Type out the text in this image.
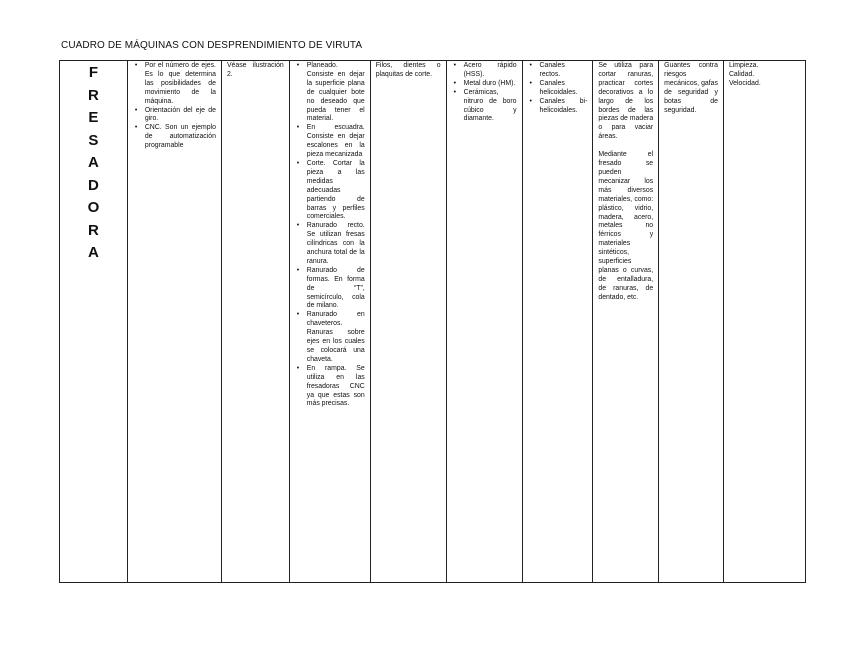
CUADRO DE MÁQUINAS CON DESPRENDIMIENTO DE VIRUTA
F
R
E
S
A
D
O
R
A

• Por el número de ejes. Es lo que determina las posibilidades de movimiento de la máquina.
• Orientación del eje de giro.
• CNC. Son un ejemplo de automatización programable

Véase ilustración 2.

• Planeado. Consiste en dejar la superficie plana de cualquier bote no deseado que pueda tener el material.
• En escuadra. Consiste en dejar escalones en la pieza mecanizada
• Corte. Cortar la pieza a las medidas adecuadas partiendo de barras y perfiles comerciales.
• Ranurado recto. Se utilizan fresas cilíndricas con la anchura total de la ranura.
• Ranurado de formas. En forma de “T”, semicírculo, cola de milano.
• Ranurado en chaveteros. Ranuras sobre ejes en los cuales se colocará una chaveta.
• En rampa. Se utiliza en las fresadoras CNC ya que estas son más precisas.

Filos, dientes o plaquitas de corte.

• Acero rápido (HSS).
• Metal duro (HM).
• Cerámicas, nitruro de boro cúbico y diamante.

• Canales rectos.
• Canales helicoidales.
• Canales bi-helicoidales.

Se utiliza para cortar ranuras, practicar cortes decorativos a lo largo de los bordes de las piezas de madera o para vaciar áreas.

Mediante el fresado se pueden mecanizar los más diversos materiales, como: plástico, vidrio, madera, acero, metales no férricos y materiales sintéticos, superficies planas o curvas, de entalladura, de ranuras, de dentado, etc.

Guantes contra riesgos mecánicos, gafas de seguridad y botas de seguridad.

Limpieza.
Calidad.
Velocidad.
